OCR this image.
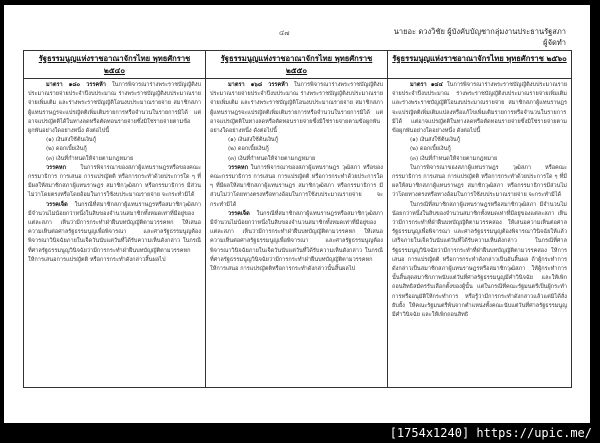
๔๗	นายอะ ดวงวิชัย ผู้บังคับบัญชากลุ่มงานประธานรัฐสภา
ผู้จัดทำ
รัฐธรรมนูญแห่งราชอาณาจักรไทย พุทธศักราช ๒๕๔๐	รัฐธรรมนูญแห่งราชอาณาจักรไทย พุทธศักราช ๒๕๕๐	รัฐธรรมนูญแห่งราชอาณาจักรไทย พุทธศักราช ๒๕๖๐

มาตรา ๑๘๐ วรรคห้า ในการพิจารณาร่างพระราชบัญญัติงบประมาณรายจ่ายประจำปีงบประมาณ ร่างพระราชบัญญัติงบประมาณรายจ่ายเพิ่มเติม และร่างพระราชบัญญัติโอนงบประมาณรายจ่าย สมาชิกสภาผู้แทนราษฎรจะแปรญัตติเพิ่มเติมรายการหรือจำนวนในรายการมิได้ แต่อาจแปรญัตติได้ในทางลดหรือตัดทอนรายจ่ายซึ่งมิใช่รายจ่ายตามข้อผูกพันอย่างใดอย่างหนึ่ง ดังต่อไปนี้

(๑) เงินส่งใช้ต้นเงินกู้

(๒) ดอกเบี้ยเงินกู้

(๓) เงินที่กำหนดให้จ่ายตามกฎหมาย

วรรคหก	ในการพิจารณาของสภาผู้แทนราษฎรหรือของคณะกรรมาธิการ การเสนอ การแปรญัตติ หรือการกระทำด้วยประการใด ๆ ที่มีผลให้สมาชิกสภาผู้แทนราษฎร สมาชิกวุฒิสภา หรือกรรมาธิการ มีส่วนไม่ว่าโดยตรงหรือโดยอ้อมในการใช้งบประมาณรายจ่าย จะกระทำมิได้

วรรคเจ็ด ในกรณีที่สมาชิกสภาผู้แทนราษฎรหรือสมาชิกวุฒิสภา มีจำนวนไม่น้อยกว่าหนึ่งในสิบของจำนวนสมาชิกทั้งหมดเท่าที่มีอยู่ของแต่ละสภา เห็นว่ามีการกระทำฝ่าฝืนบทบัญญัติตามวรรคหก ให้เสนอความเห็นต่อศาลรัฐธรรมนูญเพื่อพิจารณา และศาลรัฐธรรมนูญต้องพิจารณาวินิจฉัยภายในเจ็ดวันนับแต่วันที่ได้รับความเห็นดังกล่าว ในกรณีที่ศาลรัฐธรรมนูญวินิจฉัยว่ามีการกระทำฝ่าฝืนบทบัญญัติตามวรรคหก ให้การเสนอการแปรญัตติ หรือการกระทำดังกล่าวสิ้นผลไป

มาตรา ๑๖๘ วรรคห้า ในการพิจารณาร่างพระราชบัญญัติงบประมาณรายจ่ายประจำปีงบประมาณ ร่างพระราชบัญญัติงบประมาณรายจ่ายเพิ่มเติม และร่างพระราชบัญญัติโอนงบประมาณรายจ่าย สมาชิกสภาผู้แทนราษฎรจะแปรญัตติเพิ่มเติมรายการหรือจำนวนในรายการมิได้ แต่อาจแปรญัตติในทางลดหรือตัดทอนรายจ่ายซึ่งมิใช่รายจ่ายตามข้อผูกพันอย่างใดอย่างหนึ่ง ดังต่อไปนี้

(๑) เงินส่งใช้ต้นเงินกู้

(๒) ดอกเบี้ยเงินกู้

(๓) เงินที่กำหนดให้จ่ายตามกฎหมาย

วรรคหก ในการพิจารณาของสภาผู้แทนราษฎร วุฒิสภา หรือของคณะกรรมาธิการ การเสนอ การแปรญัตติ หรือการกระทำด้วยประการใด ๆ ที่มีผลให้สมาชิกสภาผู้แทนราษฎร สมาชิกวุฒิสภา หรือกรรมาธิการ มีส่วนไม่ว่าโดยทางตรงหรือทางอ้อมในการใช้งบประมาณรายจ่าย จะกระทำมิได้

วรรคเจ็ด ในกรณีที่สมาชิกสภาผู้แทนราษฎรหรือสมาชิกวุฒิสภา มีจำนวนไม่น้อยกว่าหนึ่งในสิบของจำนวนสมาชิกทั้งหมดเท่าที่มีอยู่ของแต่ละสภา เห็นว่ามีการกระทำฝ่าฝืนบทบัญญัติตามวรรคหก ให้เสนอความเห็นต่อศาลรัฐธรรมนูญเพื่อพิจารณา และศาลรัฐธรรมนูญต้องพิจารณาวินิจฉัยภายในเจ็ดวันนับแต่วันที่ได้รับความเห็นดังกล่าว ในกรณีที่ศาลรัฐธรรมนูญวินิจฉัยว่ามีการกระทำฝ่าฝืนบทบัญญัติตามวรรคหก ให้การเสนอ การแปรญัตติหรือการกระทำดังกล่าวนั้นสิ้นผลไป

มาตรา ๑๔๔ ในการพิจารณาร่างพระราชบัญญัติงบประมาณรายจ่ายประจำปีงบประมาณ ร่างพระราชบัญญัติงบประมาณรายจ่ายเพิ่มเติม และร่างพระราชบัญญัติโอนงบประมาณรายจ่าย สมาชิกสภาผู้แทนราษฎรจะแปรญัตติเพิ่มเติมแปลงหรือแก้ไขเพิ่มเติมรายการหรือจำนวนในรายการมิได้ แต่อาจแปรญัตติในทางลดหรือตัดทอนรายจ่ายซึ่งมิใช่รายจ่ายตามข้อผูกพันอย่างใดอย่างหนึ่ง ดังต่อไปนี้

(๑) เงินส่งใช้ต้นเงินกู้

(๒) ดอกเบี้ยเงินกู้

(๓) เงินที่กำหนดให้จ่ายตามกฎหมาย

ในการพิจารณาของสภาผู้แทนราษฎร วุฒิสภา หรือคณะกรรมาธิการ การเสนอ การแปรญัตติ หรือการกระทำด้วยประการใด ๆ ที่มีผลให้สมาชิกสภาผู้แทนราษฎร สมาชิกวุฒิสภา หรือกรรมาธิการมีส่วนไม่ว่าโดยทางตรงหรือทางอ้อมในการใช้งบประมาณรายจ่าย จะกระทำมิได้

ในกรณีที่สมาชิกสภาผู้แทนราษฎรหรือสมาชิกวุฒิสภา มีจำนวนไม่น้อยกว่าหนึ่งในสิบของจำนวนสมาชิกทั้งหมดเท่าที่มีอยู่ของแต่ละสภา เห็นว่ามีการกระทำที่ฝ่าฝืนบทบัญญัติตามวรรคสอง ให้เสนอความเห็นต่อศาลรัฐธรรมนูญเพื่อพิจารณา และศาลรัฐธรรมนูญต้องพิจารณาวินิจฉัยให้แล้วเสร็จภายในเจ็ดวันนับแต่วันที่ได้รับความเห็นดังกล่าว ในกรณีที่ศาลรัฐธรรมนูญวินิจฉัยว่ามีการกระทำที่ฝ่าฝืนบทบัญญัติตามวรรคสอง ให้การเสนอ การแปรญัตติ หรือการกระทำดังกล่าวเป็นอันสิ้นผล ถ้าผู้กระทำการดังกล่าวเป็นสมาชิกสภาผู้แทนราษฎรหรือสมาชิกวุฒิสภา ให้ผู้กระทำการนั้นสิ้นสุดสมาชิกภาพนับแต่วันที่ศาลรัฐธรรมนูญมีคำวินิจฉัย และให้เพิกถอนสิทธิสมัครรับเลือกตั้งของผู้นั้น แต่ในกรณีที่คณะรัฐมนตรีเป็นผู้กระทำการหรืออนุมัติให้กระทำการ หรือรู้ว่ามีการกระทำดังกล่าวแล้วแต่มิได้สั่งยับยั้ง ให้คณะรัฐมนตรีพ้นจากตำแหน่งทั้งคณะนับแต่วันที่ศาลรัฐธรรมนูญมีคำวินิจฉัย และให้เพิกถอนสิทธิ

[1754x1240] https://upic.me/
